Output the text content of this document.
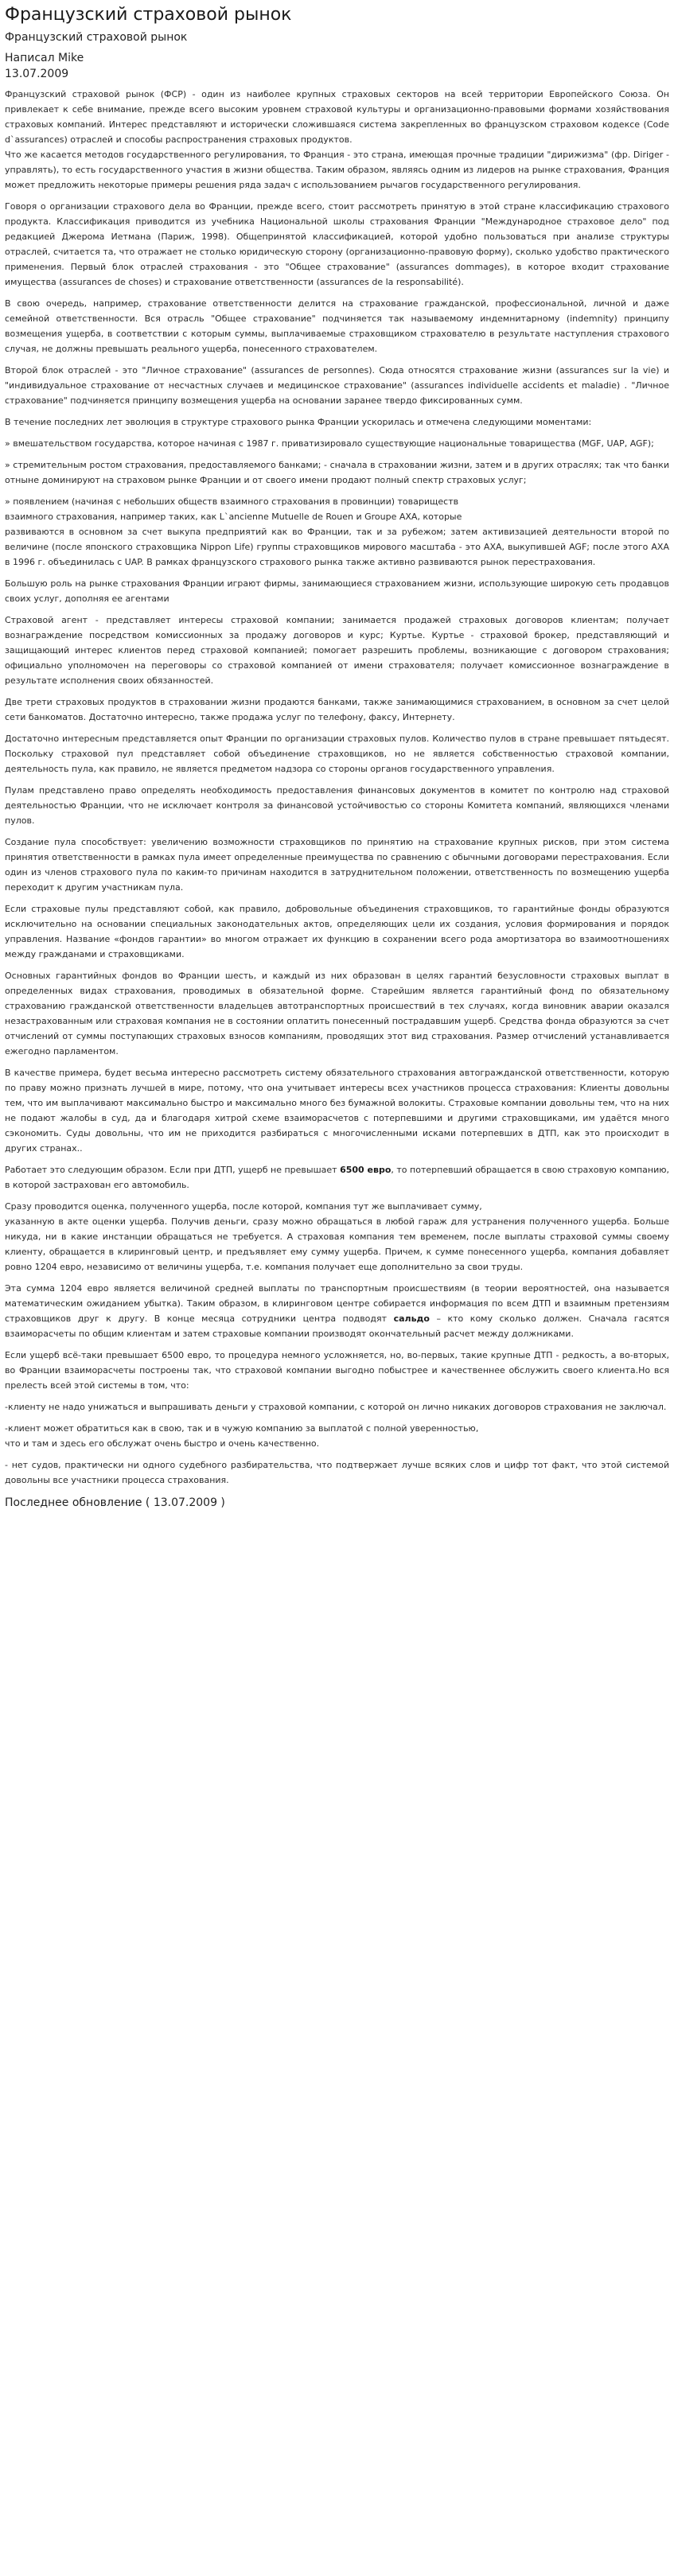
Французский страховой рынок
Французский страховой рынок
Написал Mike
13.07.2009

Французский страховой рынок (ФСР) - один из наиболее крупных страховых секторов на всей территории Европейского Союза. Он привлекает к себе внимание, прежде всего высоким уровнем страховой культуры и организационно-правовыми формами хозяйствования страховых компаний. Интерес представляют и исторически сложившаяся система закрепленных во французском страховом кодексе (Code d`assurances) отраслей и способы распространения страховых продуктов.
Что же касается методов государственного регулирования, то Франция - это страна, имеющая прочные традиции "дирижизма" (фр. Diriger - управлять), то есть государственного участия в жизни общества. Таким образом, являясь одним из лидеров на рынке страхования, Франция может предложить некоторые примеры решения ряда задач с использованием рычагов государственного регулирования.

Говоря о организации страхового дела во Франции, прежде всего, стоит рассмотреть принятую в этой стране классификацию страхового продукта. Классификация приводится из учебника Национальной школы страхования Франции "Международное страховое дело" под редакцией Джерома Иетмана (Париж, 1998). Общепринятой классификацией, которой удобно пользоваться при анализе структуры отраслей, считается та, что отражает не столько юридическую сторону (организационно-правовую форму), сколько удобство практического применения. Первый блок отраслей страхования - это "Общее страхование" (assurances dommages), в которое входит страхование имущества (assurances de choses) и страхование ответственности (assurances de la responsabilité).

В свою очередь, например, страхование ответственности делится на страхование гражданской, профессиональной, личной и даже семейной ответственности. Вся отрасль "Общее страхование" подчиняется так называемому индемнитарному (indemnity) принципу возмещения ущерба, в соответствии с которым суммы, выплачиваемые страховщиком страхователю в результате наступления страхового случая, не должны превышать реального ущерба, понесенного страхователем.

Второй блок отраслей - это "Личное страхование" (assurances de personnes). Сюда относятся страхование жизни (assurances sur la vie) и "индивидуальное страхование от несчастных случаев и медицинское страхование" (assurances individuelle accidents et maladie) . "Личное страхование" подчиняется принципу возмещения ущерба на основании заранее твердо фиксированных сумм.

В течение последних лет эволюция в структуре страхового рынка Франции ускорилась и отмечена следующими моментами:

» вмешательством государства, которое начиная с 1987 г. приватизировало существующие национальные товарищества (MGF, UAP, AGF);

» стремительным ростом страхования, предоставляемого банками; - сначала в страховании жизни, затем и в других отраслях; так что банки отныне доминируют на страховом рынке Франции и от своего имени продают полный спектр страховых услуг;

» появлением (начиная с небольших обществ взаимного страхования в провинции) товариществ
взаимного страхования, например таких, как L`ancienne Mutuelle de Rouen и Groupe AXA, которые
развиваются в основном за счет выкупа предприятий как во Франции, так и за рубежом; затем активизацией деятельности второй по величине (после японского страховщика Nippon Life) группы страховщиков мирового масштаба - это AXA, выкупившей AGF; после этого AXA в 1996 г. объединилась с UAP. В рамках французского страхового рынка также активно развиваются рынок перестрахования.

Большую роль на рынке страхования Франции играют фирмы, занимающиеся страхованием жизни, использующие широкую сеть продавцов своих услуг, дополняя ее агентами

Страховой агент - представляет интересы страховой компании; занимается продажей страховых договоров клиентам; получает вознаграждение посредством комиссионных за продажу договоров и курс; Куртье. Куртье - страховой брокер, представляющий и защищающий интерес клиентов перед страховой компанией; помогает разрешить проблемы, возникающие с договором страхования; официально уполномочен на переговоры со страховой компанией от имени страхователя; получает комиссионное вознаграждение в результате исполнения своих обязанностей.

Две трети страховых продуктов в страховании жизни продаются банками, также занимающимися страхованием, в основном за счет целой сети банкоматов. Достаточно интересно, также продажа услуг по телефону, факсу, Интернету.

Достаточно интересным представляется опыт Франции по организации страховых пулов. Количество пулов в стране превышает пятьдесят. Поскольку страховой пул представляет собой объединение страховщиков, но не является собственностью страховой компании, деятельность пула, как правило, не является предметом надзора со стороны органов государственного управления.

Пулам представлено право определять необходимость предоставления финансовых документов в комитет по контролю над страховой деятельностью Франции, что не исключает контроля за финансовой устойчивостью со стороны Комитета компаний, являющихся членами пулов.

Создание пула способствует: увеличению возможности страховщиков по принятию на страхование крупных рисков, при этом система принятия ответственности в рамках пула имеет определенные преимущества по сравнению с обычными договорами перестрахования. Если один из членов страхового пула по каким-то причинам находится в затруднительном положении, ответственность по возмещению ущерба переходит к другим участникам пула.

Если страховые пулы представляют собой, как правило, добровольные объединения страховщиков, то гарантийные фонды образуются исключительно на основании специальных законодательных актов, определяющих цели их создания, условия формирования и порядок управления. Название «фондов гарантии» во многом отражает их функцию в сохранении всего рода амортизатора во взаимоотношениях между гражданами и страховщиками.

Основных гарантийных фондов во Франции шесть, и каждый из них образован в целях гарантий безусловности страховых выплат в определенных видах страхования, проводимых в обязательной форме. Старейшим является гарантийный фонд по обязательному страхованию гражданской ответственности владельцев автотранспортных происшествий в тех случаях, когда виновник аварии оказался незастрахованным или страховая компания не в состоянии оплатить понесенный пострадавшим ущерб. Средства фонда образуются за счет отчислений от суммы поступающих страховых взносов компаниям, проводящих этот вид страхования. Размер отчислений устанавливается ежегодно парламентом.

В качестве примера, будет весьма интересно рассмотреть систему обязательного страхования автогражданской ответственности, которую по праву можно признать лучшей в мире, потому, что она учитывает интересы всех участников процесса страхования: Клиенты довольны тем, что им выплачивают максимально быстро и максимально много без бумажной волокиты. Страховые компании довольны тем, что на них не подают жалобы в суд, да и благодаря хитрой схеме взаиморасчетов с потерпевшими и другими страховщиками, им удаётся много сэкономить. Суды довольны, что им не приходится разбираться с многочисленными исками потерпевших в ДТП, как это происходит в других странах..

Работает это следующим образом. Если при ДТП, ущерб не превышает 6500 евро, то потерпевший обращается в свою страховую компанию, в которой застрахован его автомобиль.

Сразу проводится оценка, полученного ущерба, после которой, компания тут же выплачивает сумму,
указанную в акте оценки ущерба. Получив деньги, сразу можно обращаться в любой гараж для устранения полученного ущерба. Больше никуда, ни в какие инстанции обращаться не требуется. А страховая компания тем временем, после выплаты страховой суммы своему клиенту, обращается в клиринговый центр, и предъявляет ему сумму ущерба. Причем, к сумме понесенного ущерба, компания добавляет ровно 1204 евро, независимо от величины ущерба, т.е. компания получает еще дополнительно за свои труды.

Эта сумма 1204 евро является величиной средней выплаты по транспортным происшествиям (в теории вероятностей, она называется математическим ожиданием убытка). Таким образом, в клиринговом центре собирается информация по всем ДТП и взаимным претензиям страховщиков друг к другу. В конце месяца сотрудники центра подводят сальдо – кто кому сколько должен. Сначала гасятся взаиморасчеты по общим клиентам и затем страховые компании производят окончательный расчет между должниками.

Если ущерб всё-таки превышает 6500 евро, то процедура немного усложняется, но, во-первых, такие крупные ДТП - редкость, а во-вторых, во Франции взаиморасчеты построены так, что страховой компании выгодно побыстрее и качественнее обслужить своего клиента.Но вся прелесть всей этой системы в том, что:

-клиенту не надо унижаться и выпрашивать деньги у страховой компании, с которой он лично никаких договоров страхования не заключал.

-клиент может обратиться как в свою, так и в чужую компанию за выплатой с полной уверенностью,
что и там и здесь его обслужат очень быстро и очень качественно.

- нет судов, практически ни одного судебного разбирательства, что подтвержает лучше всяких слов и цифр тот факт, что этой системой довольны все участники процесса страхования.

Последнее обновление ( 13.07.2009 )
